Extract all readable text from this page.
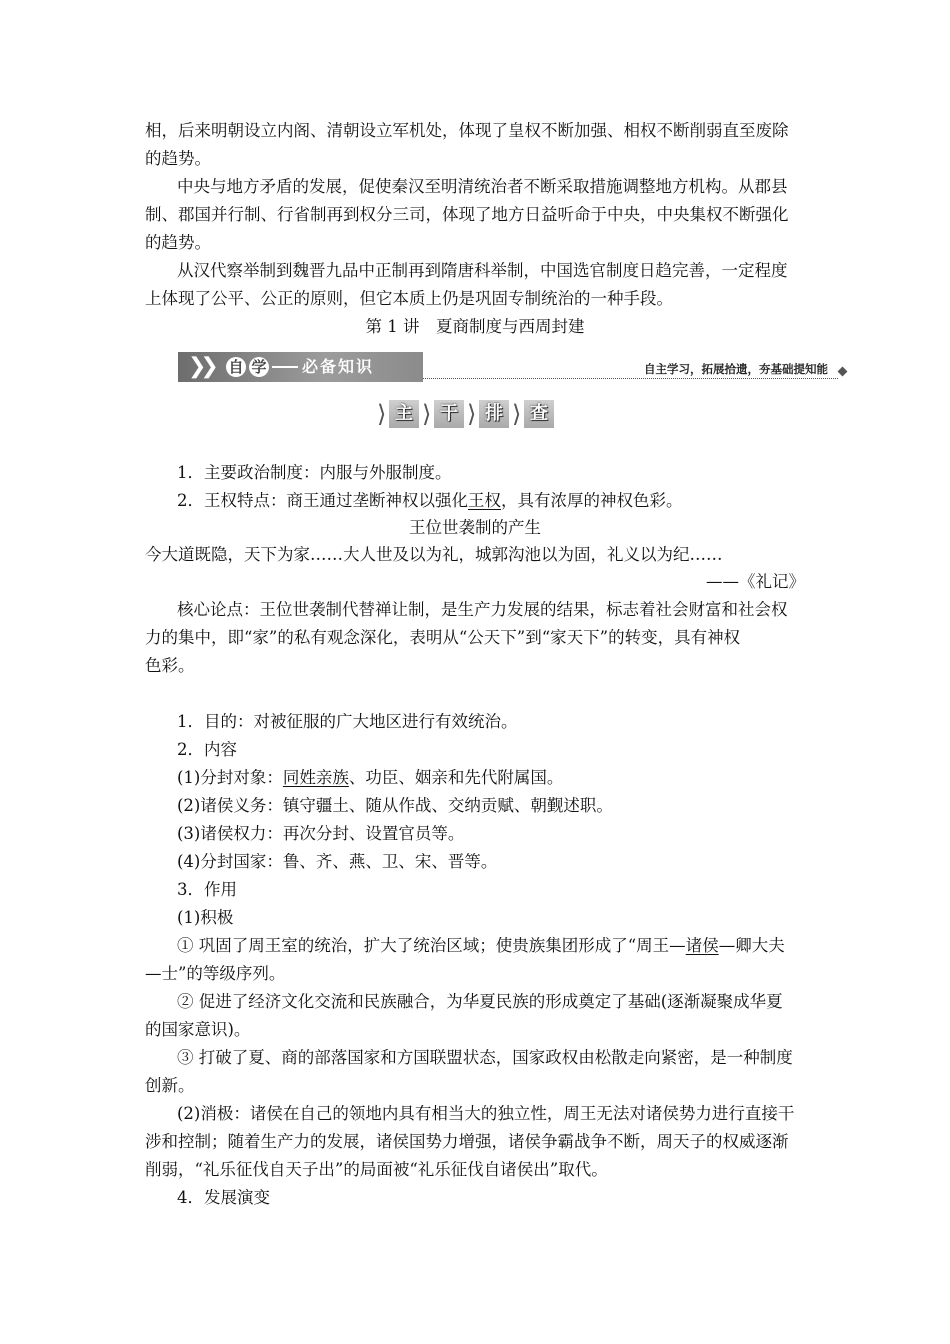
相，后来明朝设立内阁、清朝设立军机处，体现了皇权不断加强、相权不断削弱直至废除
的趋势。
中央与地方矛盾的发展，促使秦汉至明清统治者不断采取措施调整地方机构。从郡县
制、郡国并行制、行省制再到权分三司，体现了地方日益听命于中央，中央集权不断强化
的趋势。
从汉代察举制到魏晋九品中正制再到隋唐科举制，中国选官制度日趋完善，一定程度
上体现了公平、公正的原则，但它本质上仍是巩固专制统治的一种手段。
第 1 讲　夏商制度与西周封建
❯❯ 自 学 必备知识	自主学习，拓展拾遗，夯基础提知能
⟩ 主 ⟩ 干 ⟩ 排 ⟩ 查
1．主要政治制度：内服与外服制度。
2．王权特点：商王通过垄断神权以强化王权，具有浓厚的神权色彩。
王位世袭制的产生
今大道既隐，天下为家……大人世及以为礼，城郭沟池以为固，礼义以为纪……
——《礼记》
核心论点：王位世袭制代替禅让制，是生产力发展的结果，标志着社会财富和社会权
力的集中，即“家”的私有观念深化，表明从“公天下”到“家天下”的转变，具有神权
色彩。
1．目的：对被征服的广大地区进行有效统治。
2．内容
(1)分封对象：同姓亲族、功臣、姻亲和先代附属国。
(2)诸侯义务：镇守疆土、随从作战、交纳贡赋、朝觐述职。
(3)诸侯权力：再次分封、设置官员等。
(4)分封国家：鲁、齐、燕、卫、宋、晋等。
3．作用
(1)积极
① 巩固了周王室的统治，扩大了统治区域；使贵族集团形成了“周王—诸侯—卿大夫
—士”的等级序列。
② 促进了经济文化交流和民族融合，为华夏民族的形成奠定了基础(逐渐凝聚成华夏
的国家意识)。
③ 打破了夏、商的部落国家和方国联盟状态，国家政权由松散走向紧密，是一种制度
创新。
(2)消极：诸侯在自己的领地内具有相当大的独立性，周王无法对诸侯势力进行直接干
涉和控制；随着生产力的发展，诸侯国势力增强，诸侯争霸战争不断，周天子的权威逐渐
削弱，“礼乐征伐自天子出”的局面被“礼乐征伐自诸侯出”取代。
4．发展演变
